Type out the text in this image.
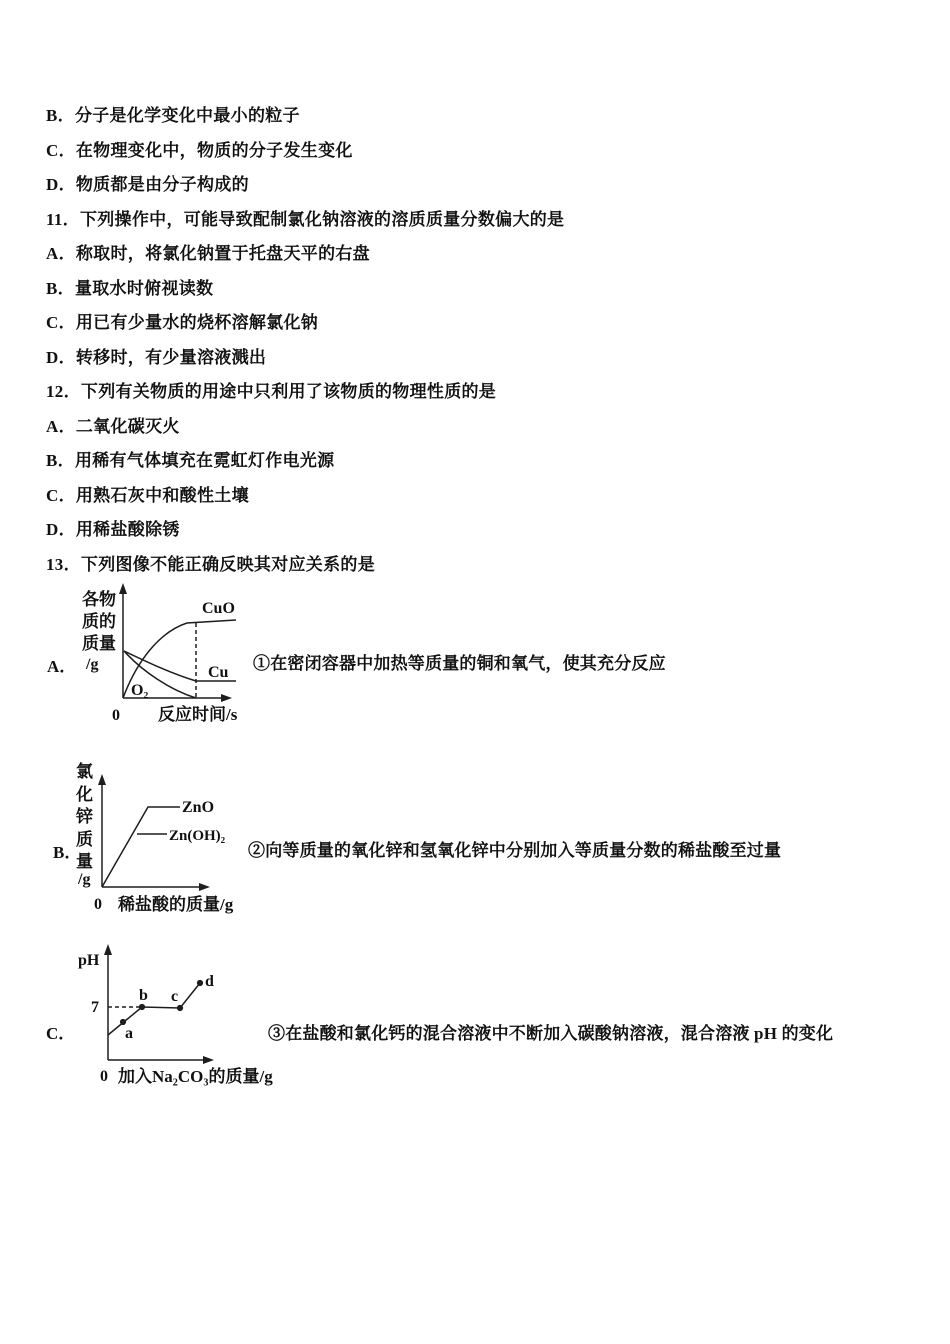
B．分子是化学变化中最小的粒子
C．在物理变化中，物质的分子发生变化
D．物质都是由分子构成的
11．下列操作中，可能导致配制氯化钠溶液的溶质质量分数偏大的是
A．称取时，将氯化钠置于托盘天平的右盘
B．量取水时俯视读数
C．用已有少量水的烧杯溶解氯化钠
D．转移时，有少量溶液溅出
12．下列有关物质的用途中只利用了该物质的物理性质的是
A．二氧化碳灭火
B．用稀有气体填充在霓虹灯作电光源
C．用熟石灰中和酸性土壤
D．用稀盐酸除锈
13．下列图像不能正确反映其对应关系的是
A．
各物
质的
质量
/g
CuO
Cu
O₂
0 反应时间/s
①在密闭容器中加热等质量的铜和氧气，使其充分反应
B．
氯
化
锌
质
量
/g
ZnO
Zn(OH)₂
0 稀盐酸的质量/g
②向等质量的氧化锌和氢氧化锌中分别加入等质量分数的稀盐酸至过量
C．
pH
7
a
b c
d
0 加入Na₂CO₃的质量/g
③在盐酸和氯化钙的混合溶液中不断加入碳酸钠溶液，混合溶液 pH 的变化
